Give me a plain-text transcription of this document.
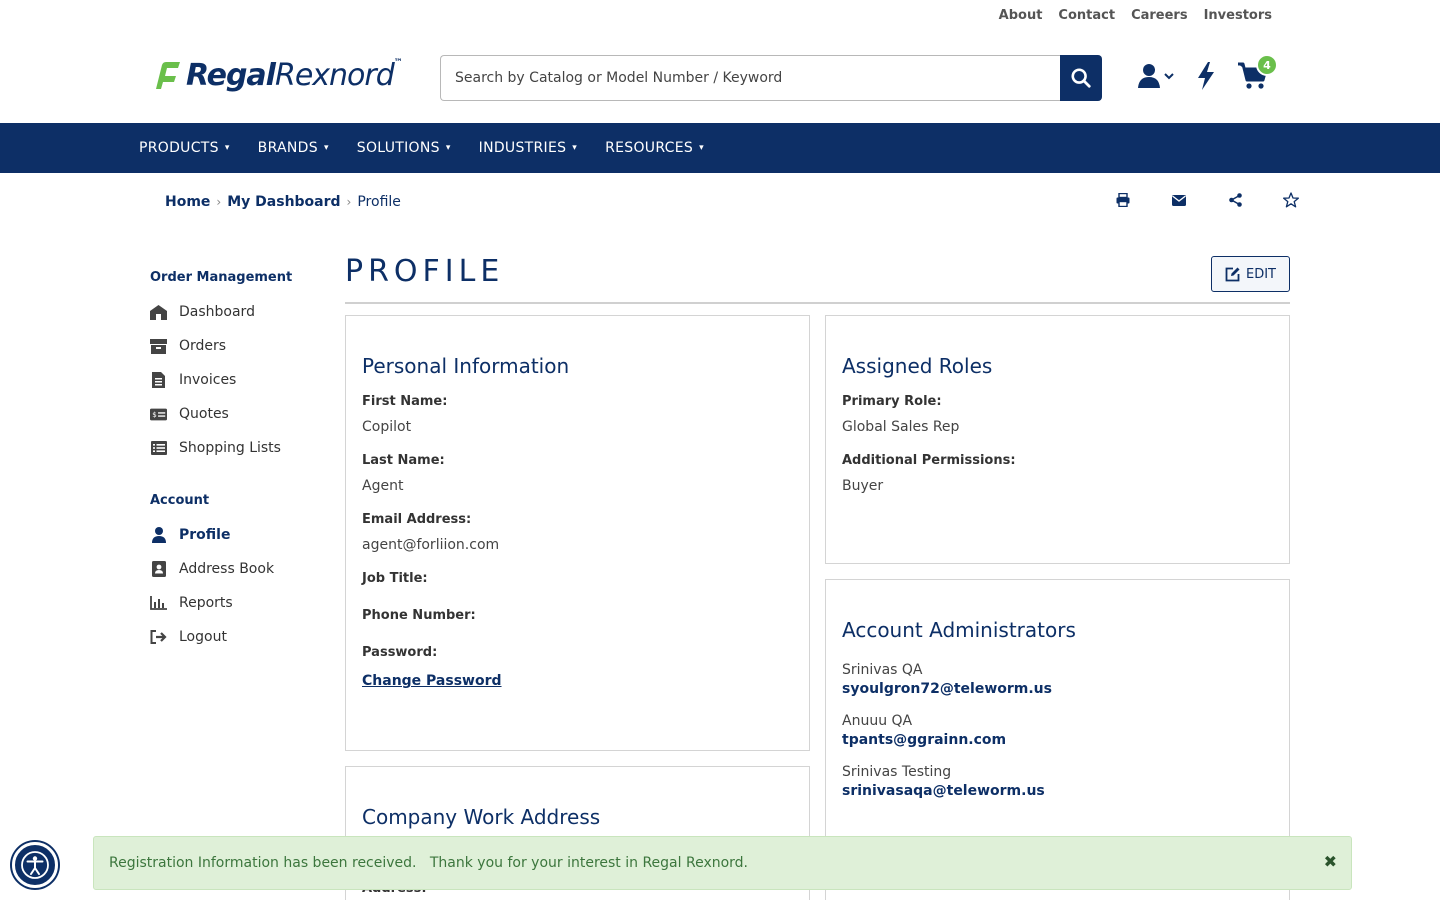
About Contact Careers Investors
RegalRexnord™
Search by Catalog or Model Number / Keyword	4
PRODUCTS ▾ BRANDS ▾ SOLUTIONS ▾ INDUSTRIES ▾ RESOURCES ▾
Home › My Dashboard › Profile
Order Management
Dashboard
Orders
Invoices
$ Quotes
Shopping Lists
Account
Profile
Address Book
Reports
Logout
PROFILE	EDIT
Personal Information
First Name:
Copilot
Last Name:
Agent
Email Address:
agent@forliion.com
Job Title:
Phone Number:
Password:
Change Password
Assigned Roles
Primary Role:
Global Sales Rep
Additional Permissions:
Buyer
Account Administrators
Srinivas QA
syoulgron72@teleworm.us
Anuuu QA
tpants@ggrainn.com
Srinivas Testing
srinivasaqa@teleworm.us
Company Work Address
Registration Information has been received.   Thank you for your interest in Regal Rexnord.	✖
